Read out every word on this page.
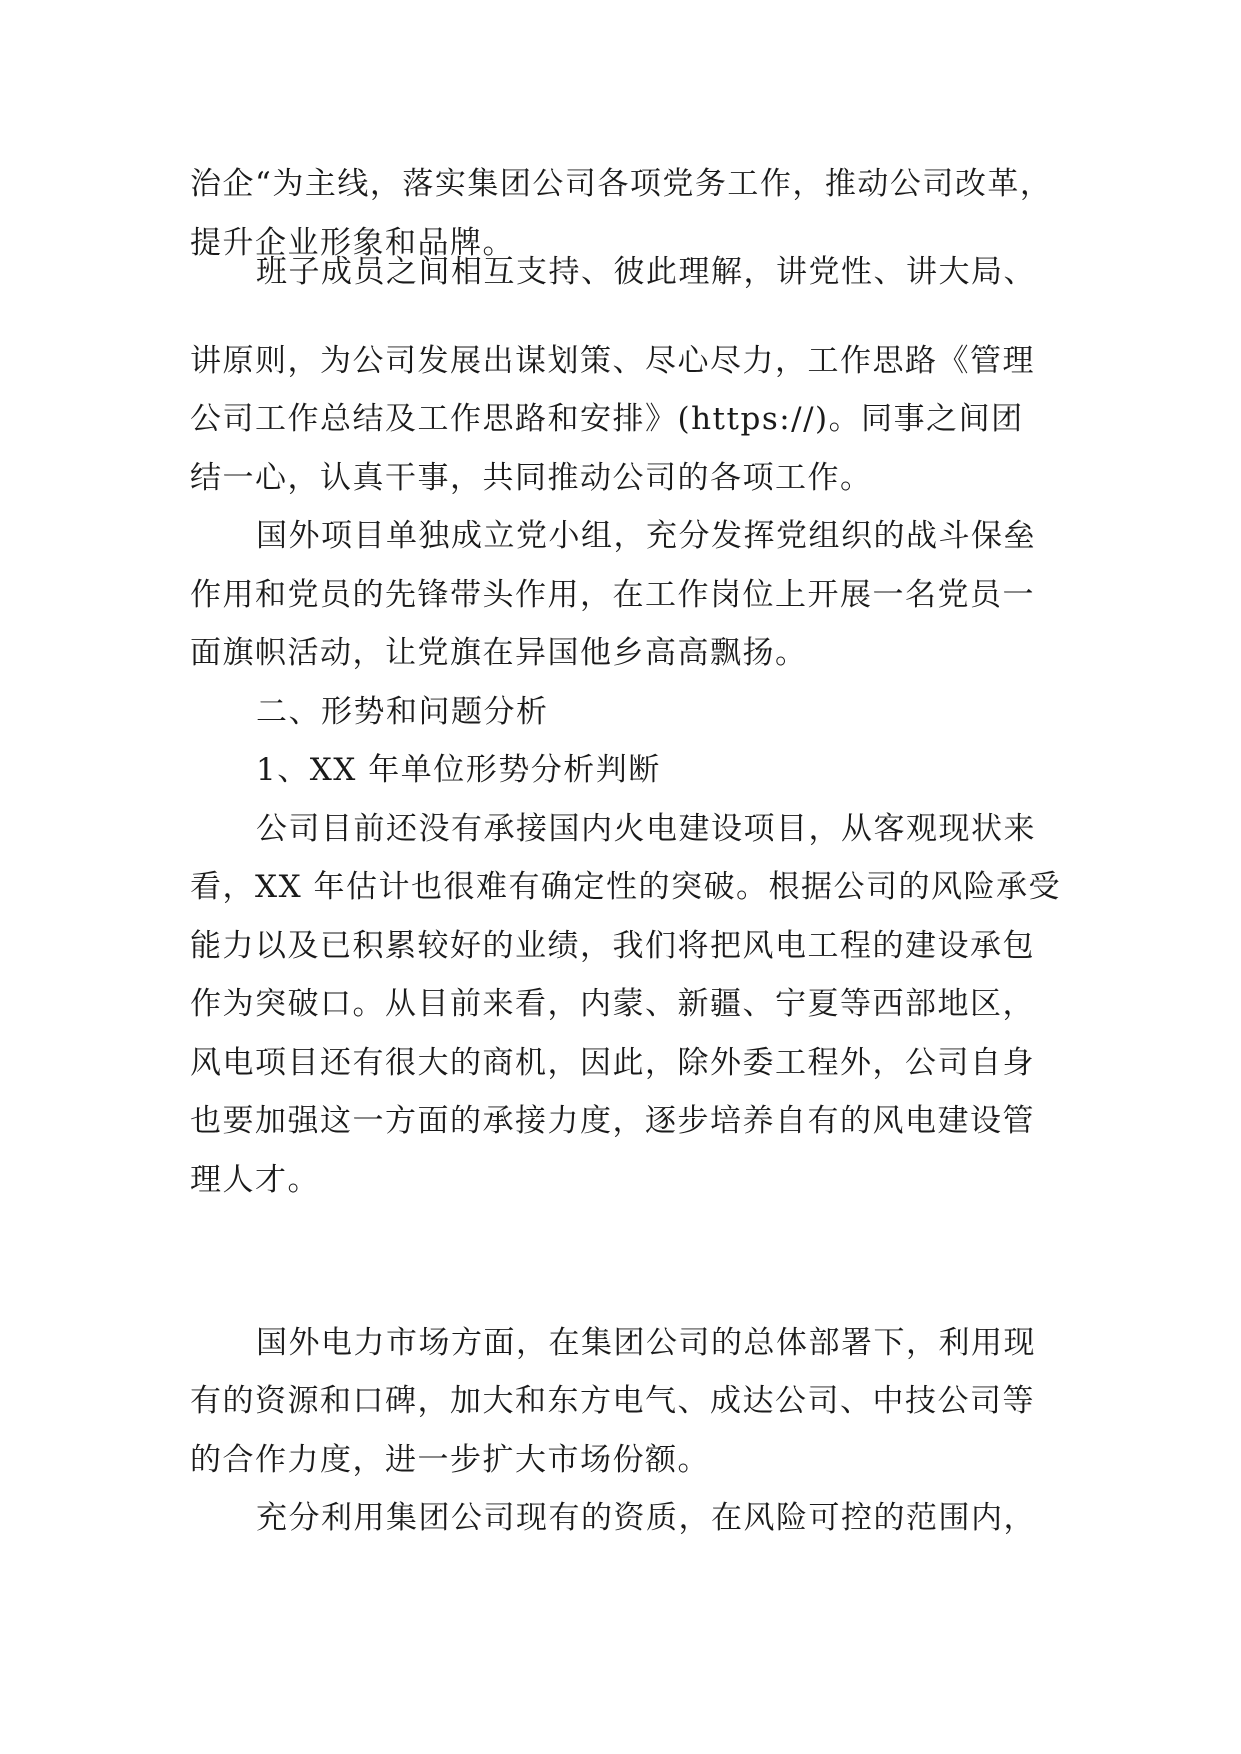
治企“为主线，落实集团公司各项党务工作，推动公司改革，
提升企业形象和品牌。
班子成员之间相互支持、彼此理解，讲党性、讲大局、
讲原则，为公司发展出谋划策、尽心尽力，工作思路《管理
公司工作总结及工作思路和安排》(https://)。同事之间团
结一心，认真干事，共同推动公司的各项工作。
国外项目单独成立党小组，充分发挥党组织的战斗保垒
作用和党员的先锋带头作用，在工作岗位上开展一名党员一
面旗帜活动，让党旗在异国他乡高高飘扬。
二、形势和问题分析
1、XX 年单位形势分析判断
公司目前还没有承接国内火电建设项目，从客观现状来
看，XX 年估计也很难有确定性的突破。根据公司的风险承受
能力以及已积累较好的业绩，我们将把风电工程的建设承包
作为突破口。从目前来看，内蒙、新疆、宁夏等西部地区，
风电项目还有很大的商机，因此，除外委工程外，公司自身
也要加强这一方面的承接力度，逐步培养自有的风电建设管
理人才。
国外电力市场方面，在集团公司的总体部署下，利用现
有的资源和口碑，加大和东方电气、成达公司、中技公司等
的合作力度，进一步扩大市场份额。
充分利用集团公司现有的资质，在风险可控的范围内，
